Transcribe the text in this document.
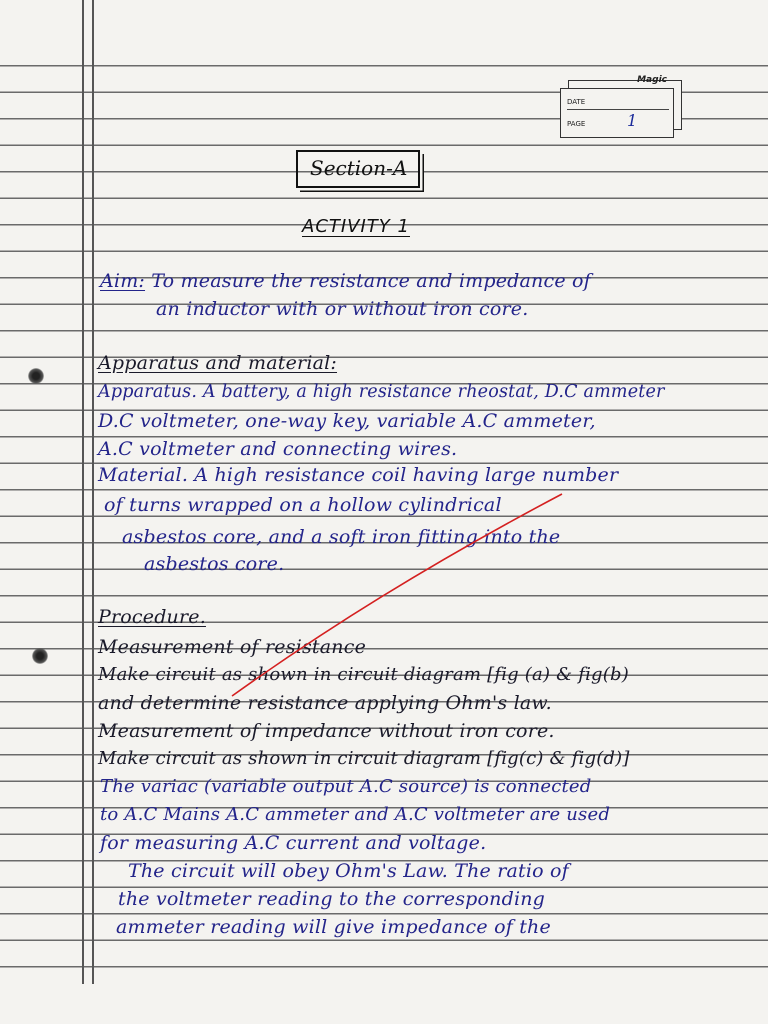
Magic
DATE
PAGE	1
Section-A
ACTIVITY 1
Aim: To measure the resistance and impedance of
an inductor with or without iron core.
Apparatus and material:
Apparatus. A battery, a high resistance rheostat, D.C ammeter
D.C voltmeter, one-way key, variable A.C ammeter,
A.C voltmeter and connecting wires.
Material. A high resistance coil having large number
of turns wrapped on a hollow cylindrical
asbestos core, and a soft iron fitting into the
asbestos core.
Procedure.
Measurement of resistance
Make circuit as shown in circuit diagram [fig (a) & fig(b)
and determine resistance applying Ohm's law.
Measurement of impedance without iron core.
Make circuit as shown in circuit diagram [fig(c) & fig(d)]
The variac (variable output A.C source) is connected
to A.C Mains A.C ammeter and A.C voltmeter are used
for measuring A.C current and voltage.
The circuit will obey Ohm's Law. The ratio of
the voltmeter reading to the corresponding
ammeter reading will give impedance of the
